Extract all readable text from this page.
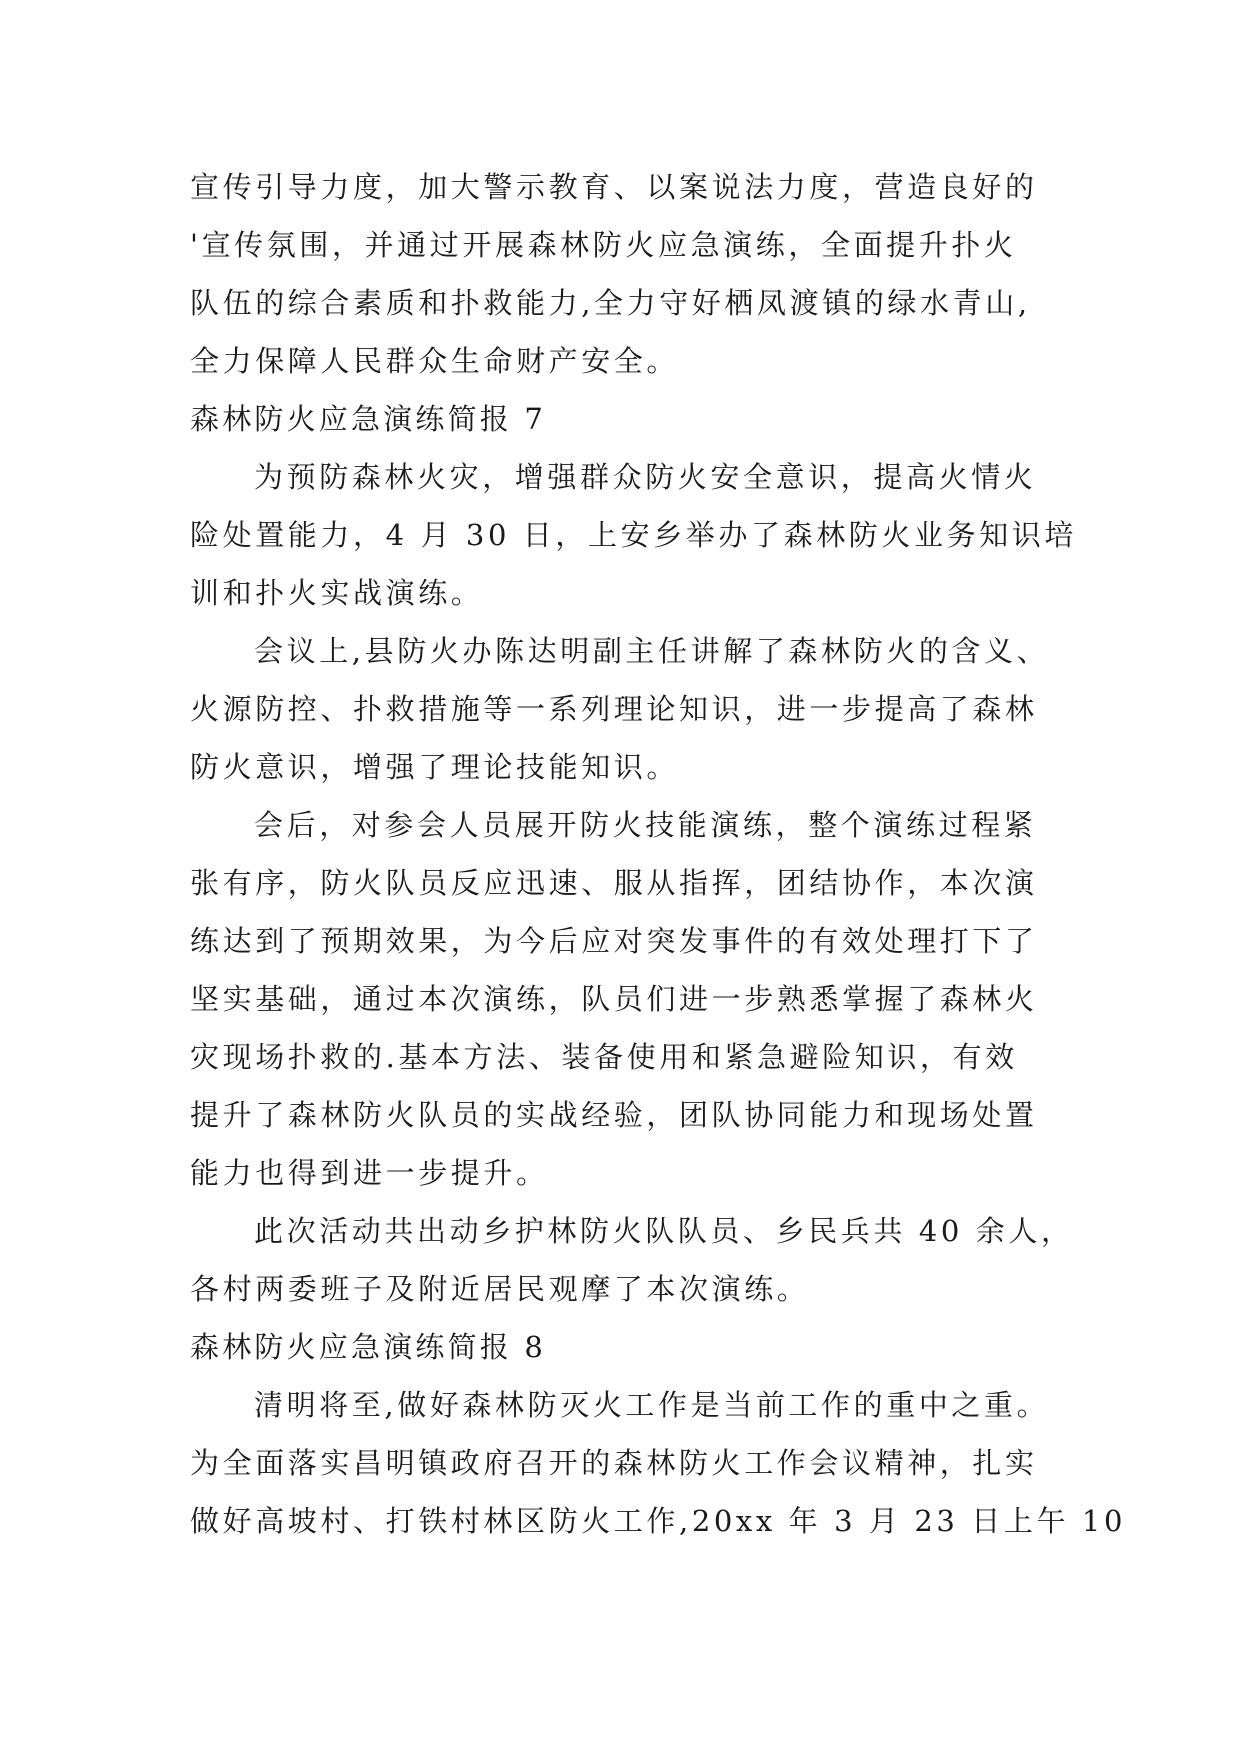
宣传引导力度，加大警示教育、以案说法力度，营造良好的
'宣传氛围，并通过开展森林防火应急演练，全面提升扑火
队伍的综合素质和扑救能力,全力守好栖凤渡镇的绿水青山,
全力保障人民群众生命财产安全。
森林防火应急演练简报 7
为预防森林火灾，增强群众防火安全意识，提高火情火
险处置能力，4 月 30 日，上安乡举办了森林防火业务知识培
训和扑火实战演练。
会议上,县防火办陈达明副主任讲解了森林防火的含义、
火源防控、扑救措施等一系列理论知识，进一步提高了森林
防火意识，增强了理论技能知识。
会后，对参会人员展开防火技能演练，整个演练过程紧
张有序，防火队员反应迅速、服从指挥，团结协作，本次演
练达到了预期效果，为今后应对突发事件的有效处理打下了
坚实基础，通过本次演练，队员们进一步熟悉掌握了森林火
灾现场扑救的.基本方法、装备使用和紧急避险知识，有效
提升了森林防火队员的实战经验，团队协同能力和现场处置
能力也得到进一步提升。
此次活动共出动乡护林防火队队员、乡民兵共 40 余人，
各村两委班子及附近居民观摩了本次演练。
森林防火应急演练简报 8
清明将至,做好森林防灭火工作是当前工作的重中之重。
为全面落实昌明镇政府召开的森林防火工作会议精神，扎实
做好高坡村、打铁村林区防火工作,20xx 年 3 月 23 日上午 10
